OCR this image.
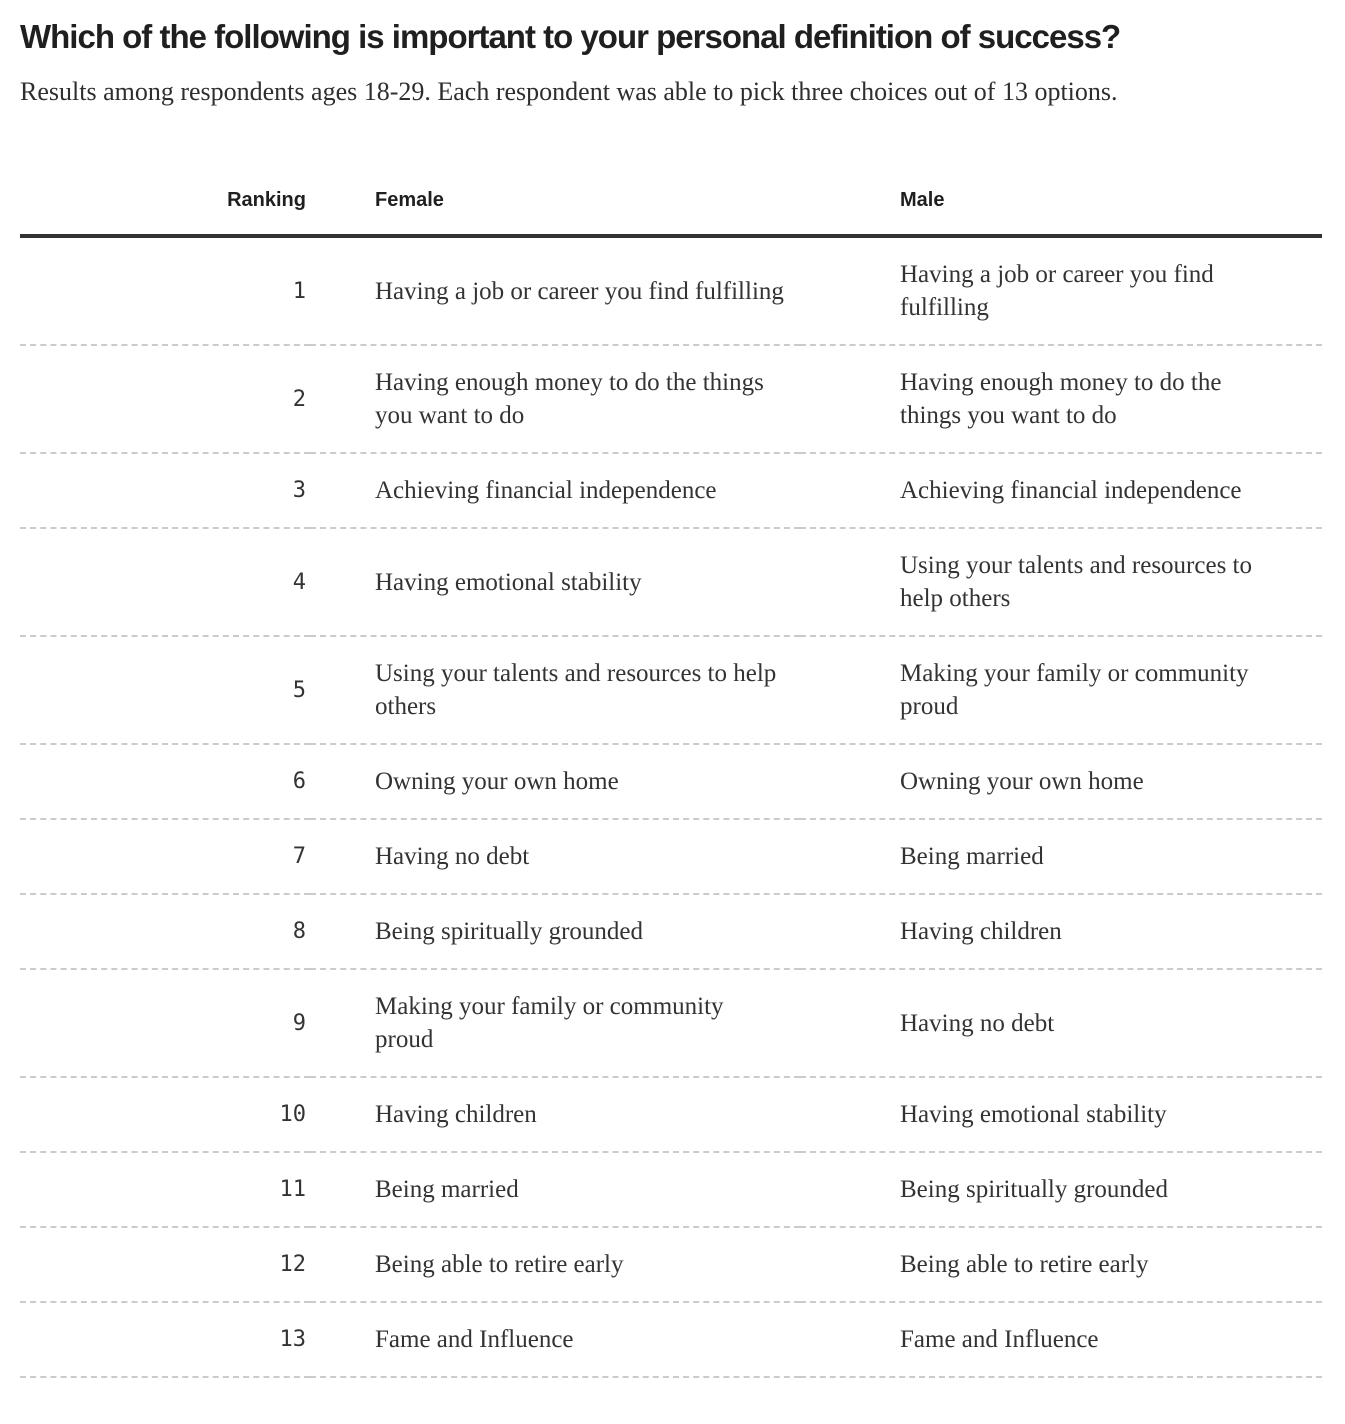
Which of the following is important to your personal definition of success?

Results among respondents ages 18-29. Each respondent was able to pick three choices out of 13 options.

Ranking	Female	Male
1	Having a job or career you find fulfilling	Having a job or career you find fulfilling
2	Having enough money to do the things you want to do	Having enough money to do the things you want to do
3	Achieving financial independence	Achieving financial independence
4	Having emotional stability	Using your talents and resources to help others
5	Using your talents and resources to help others	Making your family or community proud
6	Owning your own home	Owning your own home
7	Having no debt	Being married
8	Being spiritually grounded	Having children
9	Making your family or community proud	Having no debt
10	Having children	Having emotional stability
11	Being married	Being spiritually grounded
12	Being able to retire early	Being able to retire early
13	Fame and Influence	Fame and Influence
